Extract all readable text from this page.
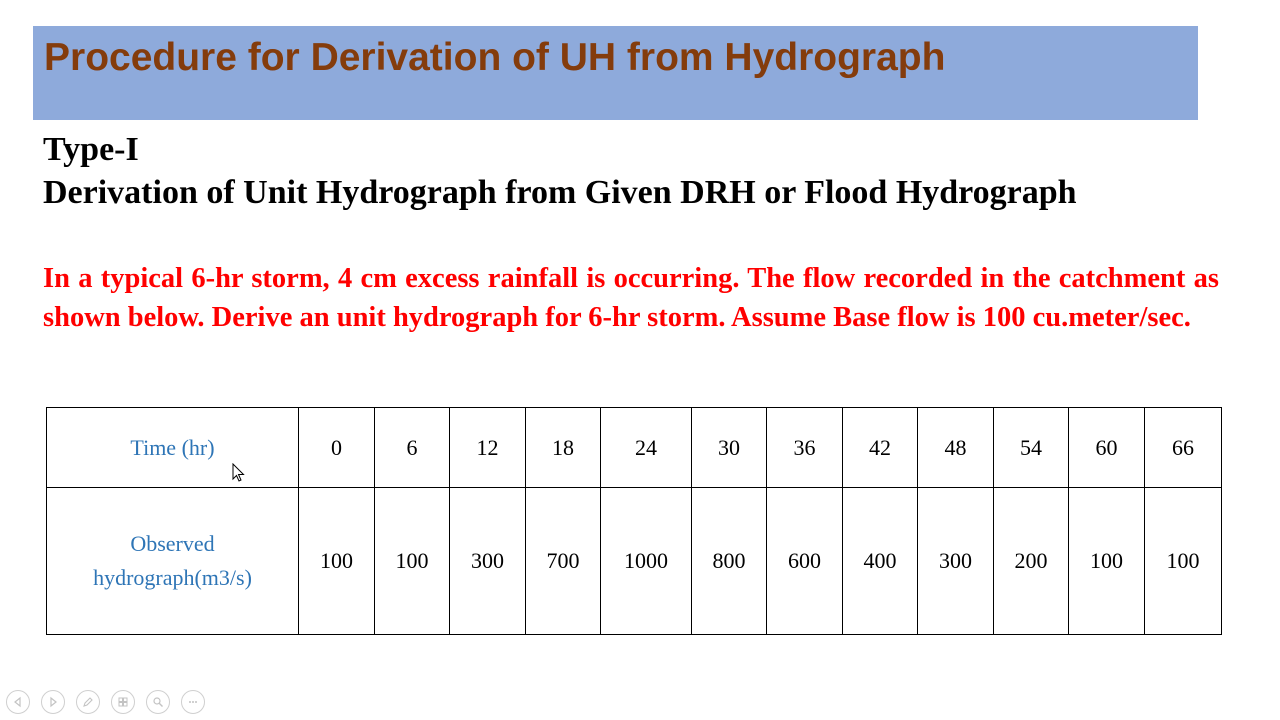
Procedure for Derivation of UH from Hydrograph
Type-I
Derivation of Unit Hydrograph from Given DRH or Flood Hydrograph
In a typical 6-hr storm, 4 cm excess rainfall is occurring. The flow recorded in the catchment as shown below. Derive an unit hydrograph for 6-hr storm. Assume Base flow is 100 cu.meter/sec.
Time (hr)	0	6	12	18	24	30	36	42	48	54	60	66

Observed
hydrograph(m3/s)	100	100	300	700	1000	800	600	400	300	200	100	100
